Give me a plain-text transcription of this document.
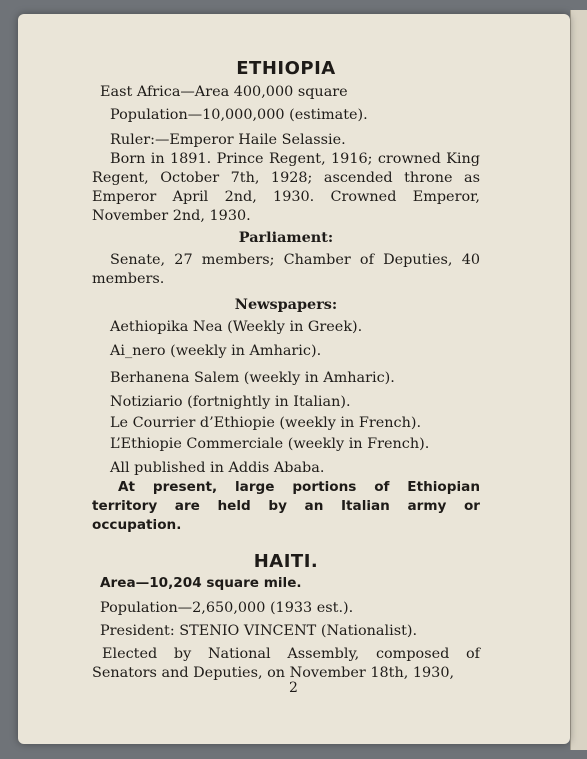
ETHIOPIA

East Africa—Area 400,000 square

Population—10,000,000 (estimate).

Ruler:—Emperor Haile Selassie.

Born in 1891. Prince Regent, 1916; crowned King Regent, October 7th, 1928; ascended throne as Emperor April 2nd, 1930. Crowned Emperor, November 2nd, 1930.

Parliament:

Senate, 27 members; Chamber of Deputies, 40 members.

Newspapers:

Aethiopika Nea (Weekly in Greek).

Ai_nero (weekly in Amharic).

Berhanena Salem (weekly in Amharic).

Notiziario (fortnightly in Italian).

Le Courrier d’Ethiopie (weekly in French).

L’Ethiopie Commerciale (weekly in French).

All published in Addis Ababa.

At present, large portions of Ethiopian territory are held by an Italian army or occupation.

HAITI.

Area—10,204 square mile.

Population—2,650,000 (1933 est.).

President: STENIO VINCENT (Nationalist).

Elected by National Assembly, composed of Senators and Deputies, on November 18th, 1930,

2
